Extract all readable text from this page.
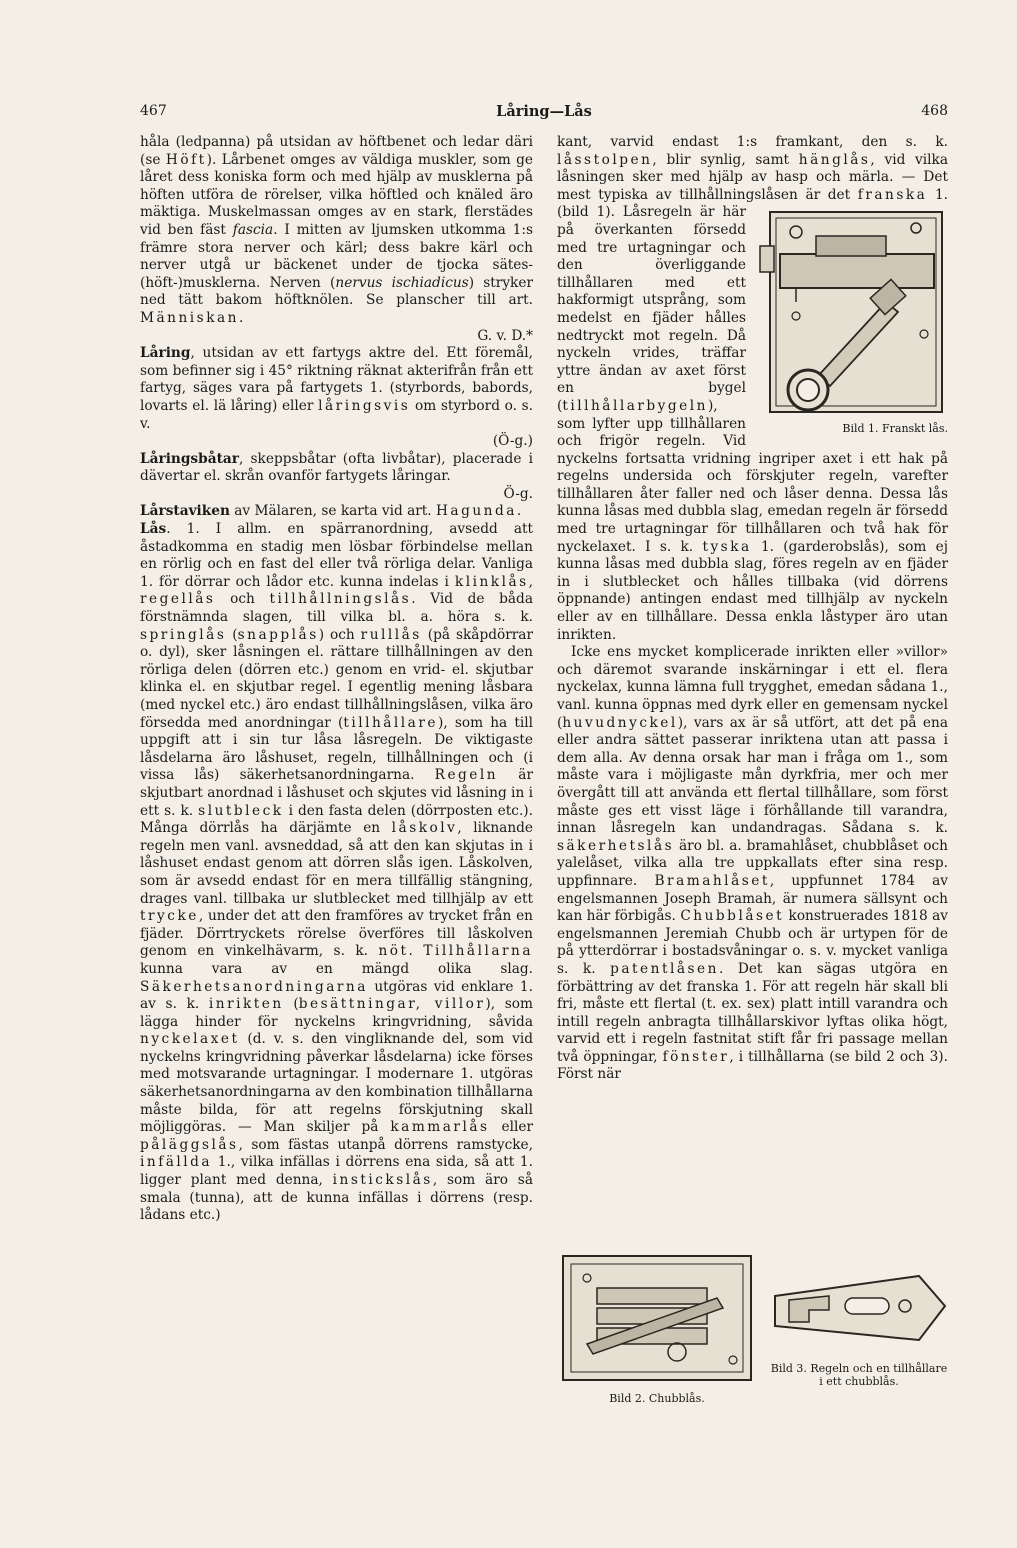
467	Låring—Lås	468

håla (ledpanna) på utsidan av höftbenet och ledar däri (se Höft). Lårbenet omges av väldiga muskler, som ge låret dess koniska form och med hjälp av musklerna på höften utföra de rörelser, vilka höftled och knäled äro mäktiga. Muskelmassan omges av en stark, flerstädes vid ben fäst fascia. I mitten av ljumsken utkomma 1:s främre stora nerver och kärl; dess bakre kärl och nerver utgå ur bäckenet under de tjocka sätes-(höft-)musklerna. Nerven (nervus ischiadicus) stryker ned tätt bakom höftknölen. Se planscher till art. Människan.

G. v. D.*

Låring, utsidan av ett fartygs aktre del. Ett föremål, som befinner sig i 45° riktning räknat akterifrån från ett fartyg, säges vara på fartygets 1. (styrbords, babords, lovarts el. lä låring) eller låringsvis om styrbord o. s. v.

(Ö-g.)

Låringsbåtar, skeppsbåtar (ofta livbåtar), placerade i dävertar el. skrån ovanför fartygets låringar.

Ö-g.

Lårstaviken av Mälaren, se karta vid art. Hagunda.

Lås. 1. I allm. en spärranordning, avsedd att åstadkomma en stadig men lösbar förbindelse mellan en rörlig och en fast del eller två rörliga delar. Vanliga 1. för dörrar och lådor etc. kunna indelas i klinklås, regellås och tillhållningslås. Vid de båda förstnämnda slagen, till vilka bl. a. höra s. k. springlås (snapplås) och rulllås (på skåpdörrar o. dyl), sker låsningen el. rättare tillhållningen av den rörliga delen (dörren etc.) genom en vrid- el. skjutbar klinka el. en skjutbar regel. I egentlig mening låsbara (med nyckel etc.) äro endast tillhållningslåsen, vilka äro försedda med anordningar (tillhållare), som ha till uppgift att i sin tur låsa låsregeln. De viktigaste låsdelarna äro låshuset, regeln, tillhållningen och (i vissa lås) säkerhetsanordningarna. Regeln är skjutbart anordnad i låshuset och skjutes vid låsning in i ett s. k. slutbleck i den fasta delen (dörrposten etc.). Många dörrlås ha därjämte en låskolv, liknande regeln men vanl. avsneddad, så att den kan skjutas in i låshuset endast genom att dörren slås igen. Låskolven, som är avsedd endast för en mera tillfällig stängning, drages vanl. tillbaka ur slutblecket med tillhjälp av ett trycke, under det att den framföres av trycket från en fjäder. Dörrtryckets rörelse överföres till låskolven genom en vinkelhävarm, s. k. nöt. Tillhållarna kunna vara av en mängd olika slag. Säkerhetsanordningarna utgöras vid enklare 1. av s. k. inrikten (besättningar, villor), som lägga hinder för nyckelns kringvridning, såvida nyckelaxet (d. v. s. den vingliknande del, som vid nyckelns kringvridning påverkar låsdelarna) icke förses med motsvarande urtagningar. I modernare 1. utgöras säkerhetsanordningarna av den kombination tillhållarna måste bilda, för att regelns förskjutning skall möjliggöras. — Man skiljer på kammarlås eller påläggslås, som fästas utanpå dörrens ramstycke, infällda 1., vilka infällas i dörrens ena sida, så att 1. ligger plant med denna, instickslås, som äro så smala (tunna), att de kunna infällas i dörrens (resp. lådans etc.)

kant, varvid endast 1:s framkant, den s. k. låsstolpen, blir synlig, samt hänglås, vid vilka låsningen sker med hjälp av hasp och märla. — Det mest typiska av tillhållningslåsen är det
Bild 1. Franskt lås.
franska 1. (bild 1). Låsregeln är här på överkanten försedd med tre urtagningar och den överliggande tillhållaren med ett hakformigt utsprång, som medelst en fjäder hålles nedtryckt mot regeln. Då nyckeln vrides, träffar yttre ändan av axet först en bygel (tillhållarbygeln), som lyfter upp tillhållaren och frigör regeln. Vid nyckelns fortsatta vridning ingriper axet i ett hak på regelns undersida och förskjuter regeln, varefter tillhållaren åter faller ned och låser denna. Dessa lås kunna låsas med dubbla slag, emedan regeln är försedd med tre urtagningar för tillhållaren och två hak för nyckelaxet. I s. k. tyska 1. (garderobslås), som ej kunna låsas med dubbla slag, föres regeln av en fjäder in i slutblecket och hålles tillbaka (vid dörrens öppnande) antingen endast med tillhjälp av nyckeln eller av en tillhållare. Dessa enkla låstyper äro utan inrikten.

Icke ens mycket komplicerade inrikten eller »villor» och däremot svarande inskärningar i ett el. flera nyckelax, kunna lämna full trygghet, emedan sådana 1., vanl. kunna öppnas med dyrk eller en gemensam nyckel (huvudnyckel), vars ax är så utfört, att det på ena eller andra sättet passerar inriktena utan att passa i dem alla. Av denna orsak har man i fråga om 1., som måste vara i möjligaste mån dyrkfria, mer och mer övergått till att använda ett flertal tillhållare, som först måste ges ett visst läge i förhållande till varandra, innan låsregeln kan undandragas. Sådana s. k. säkerhetslås äro bl. a. bramahlåset, chubblåset och yalelåset, vilka alla tre uppkallats efter sina resp. uppfinnare. Bramahlåset, uppfunnet 1784 av engelsmannen Joseph Bramah, är numera sällsynt och kan här förbigås. Chubblåset konstruerades 1818 av engelsmannen Jeremiah Chubb och är urtypen för de på ytterdörrar i bostadsvåningar o. s. v. mycket vanliga s. k. patentlåsen. Det kan sägas utgöra en förbättring av det franska 1. För att regeln här skall bli fri, måste ett flertal (t. ex. sex) platt intill varandra och intill regeln anbragta tillhållarskivor lyftas olika högt, varvid ett i regeln fastnitat stift får fri passage mellan två öppningar, fönster, i tillhållarna (se bild 2 och 3). Först när

Bild 2. Chubblås.
Bild 3. Regeln och en tillhållare i ett chubblås.
